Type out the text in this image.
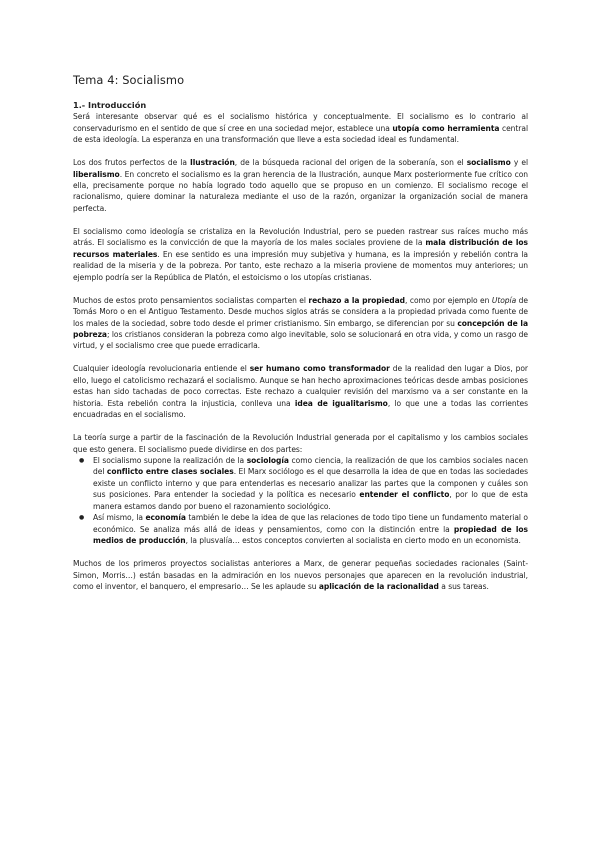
Tema 4: Socialismo
1.- Introducción

Será interesante observar qué es el socialismo histórica y conceptualmente. El socialismo es lo contrario al conservadurismo en el sentido de que sí cree en una sociedad mejor, establece una utopía como herramienta central de esta ideología. La esperanza en una transformación que lleve a esta sociedad ideal es fundamental.

Los dos frutos perfectos de la Ilustración, de la búsqueda racional del origen de la soberanía, son el socialismo y el liberalismo. En concreto el socialismo es la gran herencia de la Ilustración, aunque Marx posteriormente fue crítico con ella, precisamente porque no había logrado todo aquello que se propuso en un comienzo. El socialismo recoge el racionalismo, quiere dominar la naturaleza mediante el uso de la razón, organizar la organización social de manera perfecta.

El socialismo como ideología se cristaliza en la Revolución Industrial, pero se pueden rastrear sus raíces mucho más atrás. El socialismo es la convicción de que la mayoría de los males sociales proviene de la mala distribución de los recursos materiales. En ese sentido es una impresión muy subjetiva y humana, es la impresión y rebelión contra la realidad de la miseria y de la pobreza. Por tanto, este rechazo a la miseria proviene de momentos muy anteriores; un ejemplo podría ser la República de Platón, el estoicismo o los utopías cristianas.

Muchos de estos proto pensamientos socialistas comparten el rechazo a la propiedad, como por ejemplo en Utopía de Tomás Moro o en el Antiguo Testamento. Desde muchos siglos atrás se considera a la propiedad privada como fuente de los males de la sociedad, sobre todo desde el primer cristianismo. Sin embargo, se diferencian por su concepción de la pobreza; los cristianos consideran la pobreza como algo inevitable, solo se solucionará en otra vida, y como un rasgo de virtud, y el socialismo cree que puede erradicarla.

Cualquier ideología revolucionaria entiende el ser humano como transformador de la realidad den lugar a Dios, por ello, luego el catolicismo rechazará el socialismo. Aunque se han hecho aproximaciones teóricas desde ambas posiciones estas han sido tachadas de poco correctas. Este rechazo a cualquier revisión del marxismo va a ser constante en la historia. Esta rebelión contra la injusticia, conlleva una idea de igualitarismo, lo que une a todas las corrientes encuadradas en el socialismo.

La teoría surge a partir de la fascinación de la Revolución Industrial generada por el capitalismo y los cambios sociales que esto genera. El socialismo puede dividirse en dos partes:

● El socialismo supone la realización de la sociología como ciencia, la realización de que los cambios sociales nacen del conflicto entre clases sociales. El Marx sociólogo es el que desarrolla la idea de que en todas las sociedades existe un conflicto interno y que para entenderlas es necesario analizar las partes que la componen y cuáles son sus posiciones. Para entender la sociedad y la política es necesario entender el conflicto, por lo que de esta manera estamos dando por bueno el razonamiento sociológico.
● Así mismo, la economía también le debe la idea de que las relaciones de todo tipo tiene un fundamento material o económico. Se analiza más allá de ideas y pensamientos, como con la distinción entre la propiedad de los medios de producción, la plusvalía… estos conceptos convierten al socialista en cierto modo en un economista.

Muchos de los primeros proyectos socialistas anteriores a Marx, de generar pequeñas sociedades racionales (Saint-Simon, Morris…) están basadas en la admiración en los nuevos personajes que aparecen en la revolución industrial, como el inventor, el banquero, el empresario… Se les aplaude su aplicación de la racionalidad a sus tareas.
